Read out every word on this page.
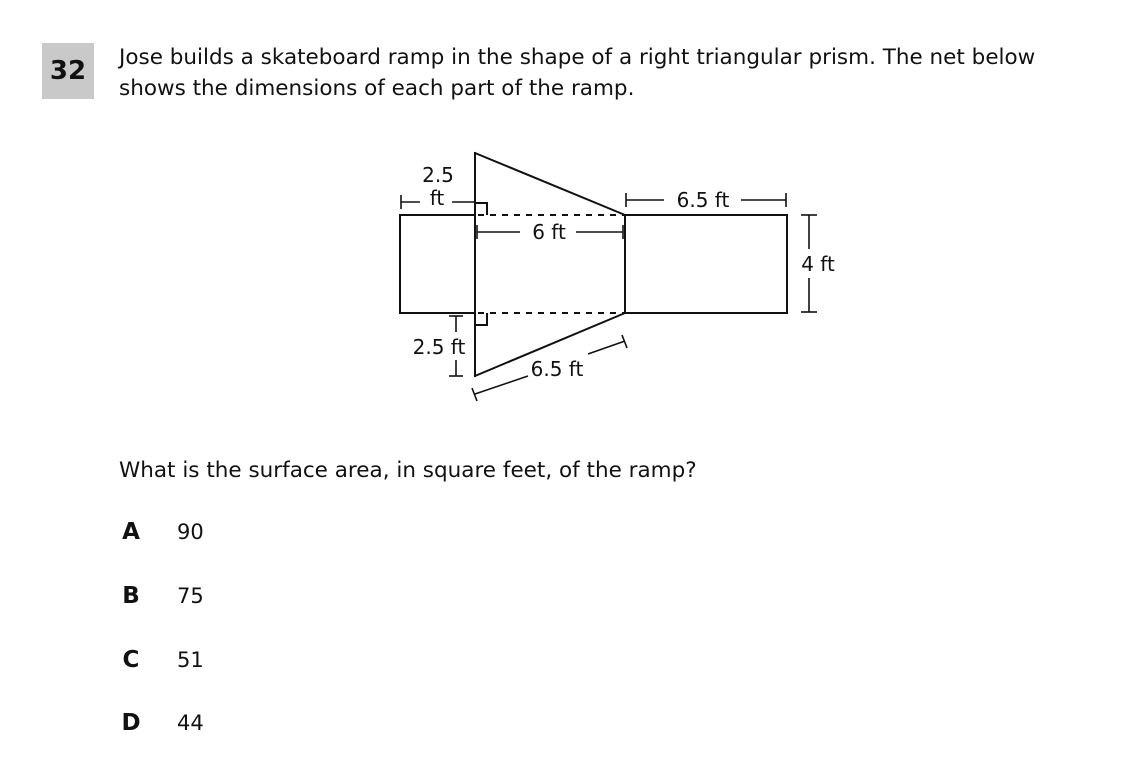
32	Jose builds a skateboard ramp in the shape of a right triangular prism. The net below
shows the dimensions of each part of the ramp.

2.5
ft
6 ft
6.5 ft
4 ft
2.5 ft
6.5 ft

What is the surface area, in square feet, of the ramp?

A 90
B 75
C 51
D 44
